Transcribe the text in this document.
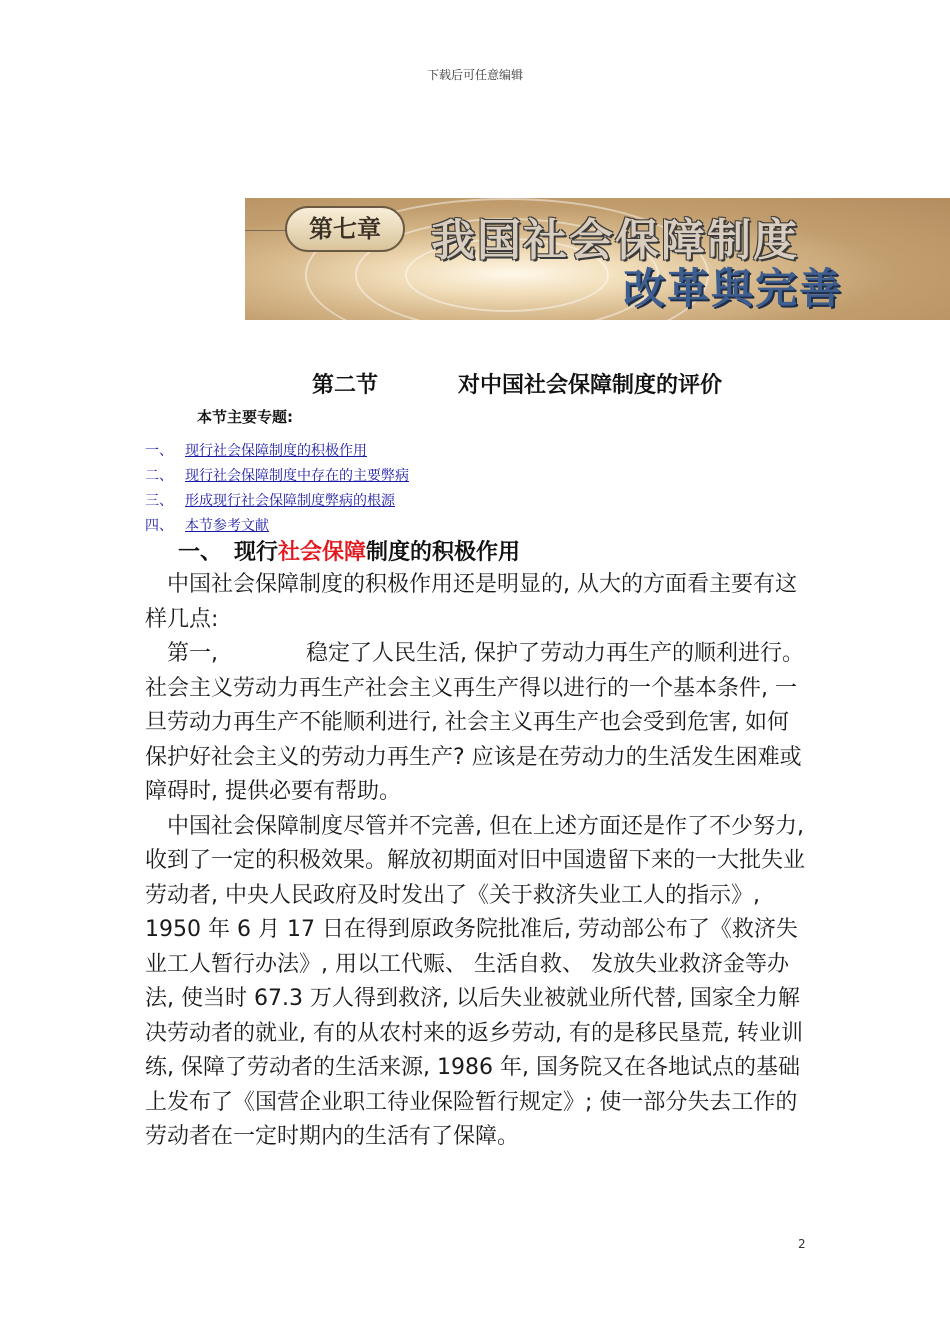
下载后可任意编辑
第七章	我国社会保障制度
改革與完善
第二节	对中国社会保障制度的评价
本节主要专题:
一、 现行社会保障制度的积极作用
二、 现行社会保障制度中存在的主要弊病
三、 形成现行社会保障制度弊病的根源
四、 本节参考文献
一、 现行社会保障制度的积极作用

　中国社会保障制度的积极作用还是明显的, 从大的方面看主要有这样几点:

　第一,　　　　稳定了人民生活, 保护了劳动力再生产的顺利进行。社会主义劳动力再生产社会主义再生产得以进行的一个基本条件, 一旦劳动力再生产不能顺利进行, 社会主义再生产也会受到危害, 如何保护好社会主义的劳动力再生产? 应该是在劳动力的生活发生困难或障碍时, 提供必要有帮助。

　中国社会保障制度尽管并不完善, 但在上述方面还是作了不少努力, 收到了一定的积极效果。解放初期面对旧中国遗留下来的一大批失业劳动者, 中央人民政府及时发出了《关于救济失业工人的指示》, 1950 年 6 月 17 日在得到原政务院批准后, 劳动部公布了《救济失业工人暂行办法》, 用以工代赈、 生活自救、 发放失业救济金等办法, 使当时 67.3 万人得到救济, 以后失业被就业所代替, 国家全力解决劳动者的就业, 有的从农村来的返乡劳动, 有的是移民垦荒, 转业训练, 保障了劳动者的生活来源, 1986 年, 国务院又在各地试点的基础上发布了《国营企业职工待业保险暂行规定》; 使一部分失去工作的劳动者在一定时期内的生活有了保障。

2
